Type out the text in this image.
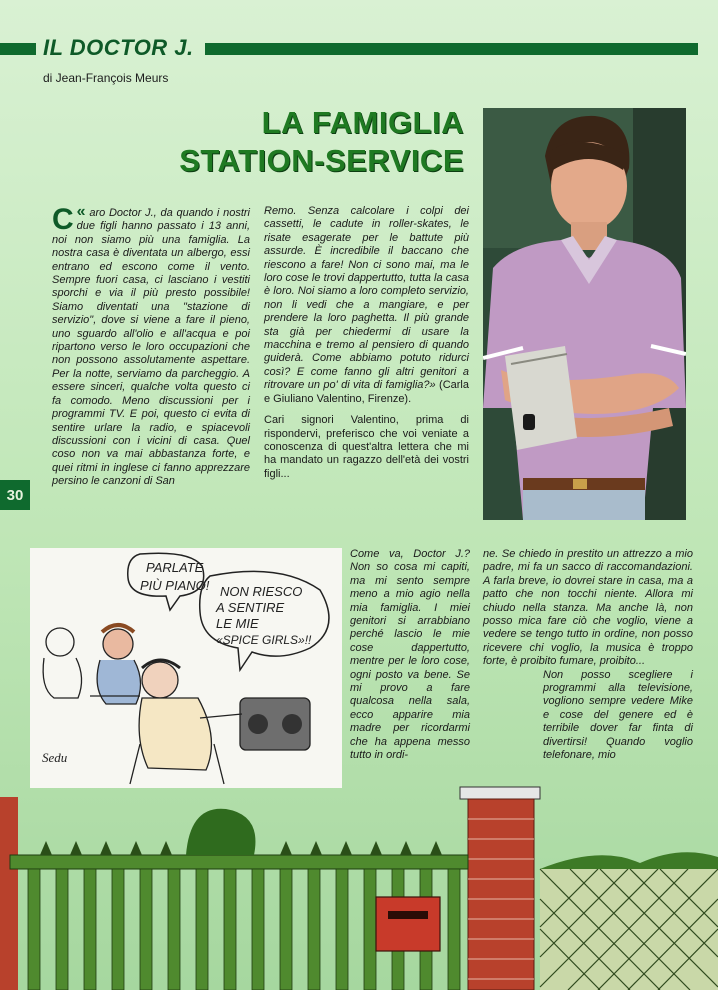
IL DOCTOR J.
di Jean-François Meurs
LA FAMIGLIA
STATION-SERVICE

«
C aro Doctor J., da quando i nostri due figli hanno passato i 13 anni, noi non siamo più una famiglia. La nostra casa è diventata un albergo, essi entrano ed escono come il vento. Sempre fuori casa, ci lasciano i vestiti sporchi e via il più presto possibile! Siamo diventati una "stazione di servizio", dove si viene a fare il pieno, uno sguardo all'olio e all'acqua e poi ripartono verso le loro occupazioni che non possono assolutamente aspettare. Per la notte, serviamo da parcheggio. A essere sinceri, qualche volta questo ci fa comodo. Meno discussioni per i programmi TV. E poi, questo ci evita di sentire urlare la radio, e spiacevoli discussioni con i vicini di casa. Quel coso non va mai abbastanza forte, e quei ritmi in inglese ci fanno apprezzare persino le canzoni di San

Remo. Senza calcolare i colpi dei cassetti, le cadute in roller-skates, le risate esagerate per le battute più assurde. È incredibile il baccano che riescono a fare! Non ci sono mai, ma le loro cose le trovi dappertutto, tutta la casa è loro. Noi siamo a loro completo servizio, non li vedi che a mangiare, e per prendere la loro paghetta. Il più grande sta già per chiedermi di usare la macchina e tremo al pensiero di quando guiderà. Come abbiamo potuto ridurci così? E come fanno gli altri genitori a ritrovare un po' di vita di famiglia?» (Carla e Giuliano Valentino, Firenze).

Cari signori Valentino, prima di rispondervi, preferisco che voi veniate a conoscenza di quest'altra lettera che mi ha mandato un ragazzo dell'età dei vostri figli...

30
PARLATE
PIÙ PIANO! NON RIESCO
A SENTIRE
LE MIE
«SPICE GIRLS»!!
Sedu

Come va, Doctor J.? Non so cosa mi capiti, ma mi sento sempre meno a mio agio nella mia famiglia. I miei genitori si arrabbiano perché lascio le mie cose dappertutto, mentre per le loro cose, ogni posto va bene. Se mi provo a fare qualcosa nella sala, ecco apparire mia madre per ricordarmi che ha appena messo tutto in ordi-

ne. Se chiedo in prestito un attrezzo a mio padre, mi fa un sacco di raccomandazioni. A farla breve, io dovrei stare in casa, ma a patto che non tocchi niente. Allora mi chiudo nella stanza. Ma anche là, non posso mica fare ciò che voglio, viene a vedere se tengo tutto in ordine, non posso ricevere chi voglio, la musica è troppo forte, è proibito fumare, proibito...

Non posso scegliere i programmi alla televisione, vogliono sempre vedere Mike e cose del genere ed è terribile dover far finta di divertirsi! Quando voglio telefonare, mio
